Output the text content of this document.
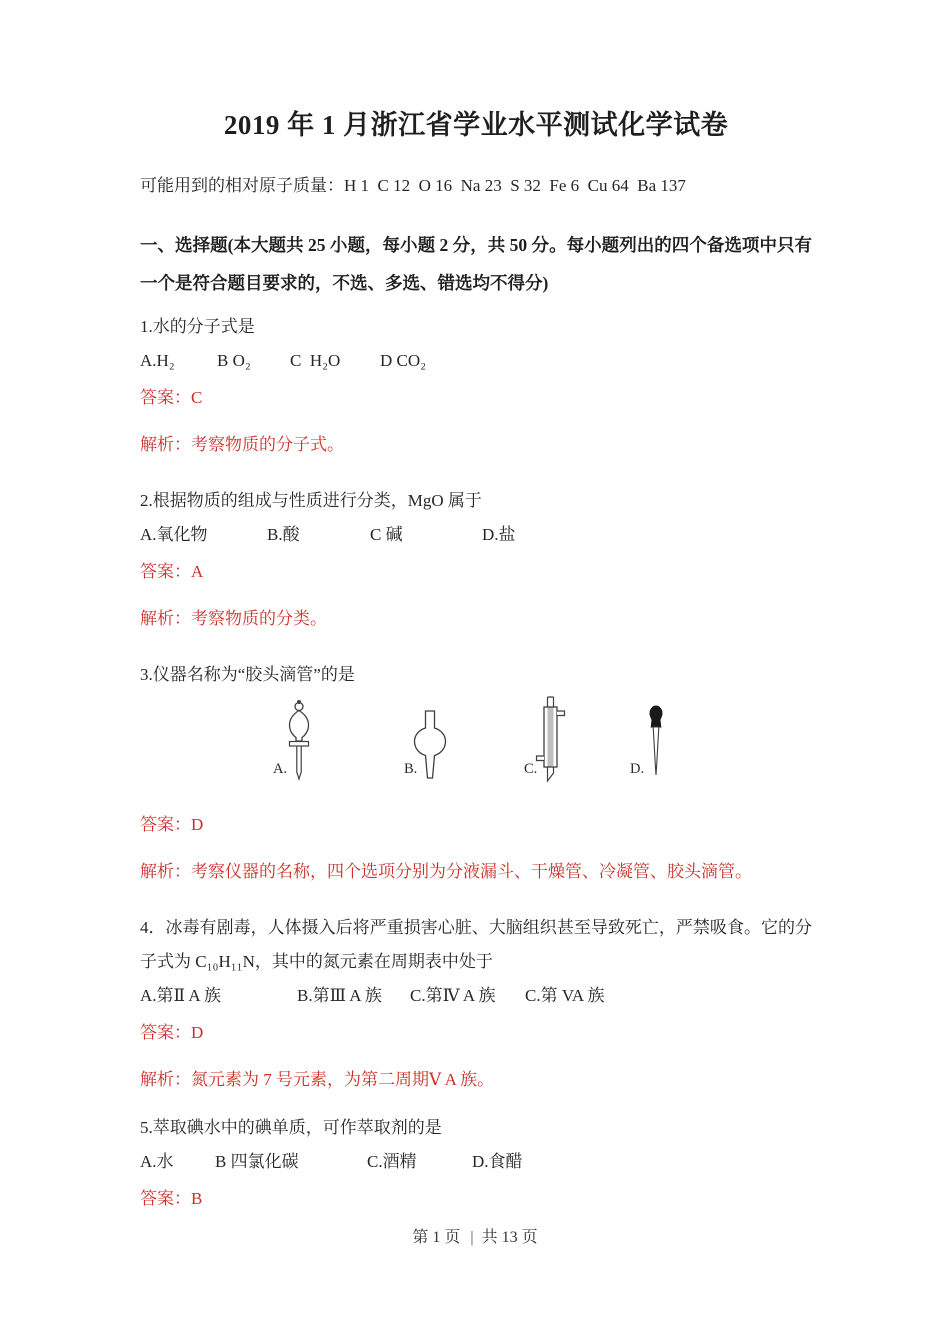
2019 年 1 月浙江省学业水平测试化学试卷

可能用到的相对原子质量：H 1  C 12  O 16  Na 23  S 32  Fe 6  Cu 64  Ba 137

一、选择题(本大题共 25 小题，每小题 2 分，共 50 分。每小题列出的四个备选项中只有一个是符合题目要求的，不选、多选、错选均不得分)

1.水的分子式是

A.H₂	B O₂	C  H₂O	D CO₂

答案：C

解析：考察物质的分子式。

2.根据物质的组成与性质进行分类，MgO 属于

A.氧化物	B.酸	C 碱	D.盐

答案：A

解析：考察物质的分类。

3.仪器名称为“胶头滴管”的是

A.	B.	C.	D.

答案：D

解析：考察仪器的名称，四个选项分别为分液漏斗、干燥管、冷凝管、胶头滴管。

4．冰毒有剧毒，人体摄入后将严重损害心脏、大脑组织甚至导致死亡，严禁吸食。它的分子式为 C₁₀H₁₁N，其中的氮元素在周期表中处于

A.第Ⅱ A 族	B.第Ⅲ A 族	C.第Ⅳ A 族	C.第 VA 族

答案：D

解析：氮元素为 7 号元素，为第二周期Ⅴ A 族。

5.萃取碘水中的碘单质，可作萃取剂的是

A.水	B 四氯化碳	C.酒精	D.食醋

答案：B

第 1 页 | 共 13 页
